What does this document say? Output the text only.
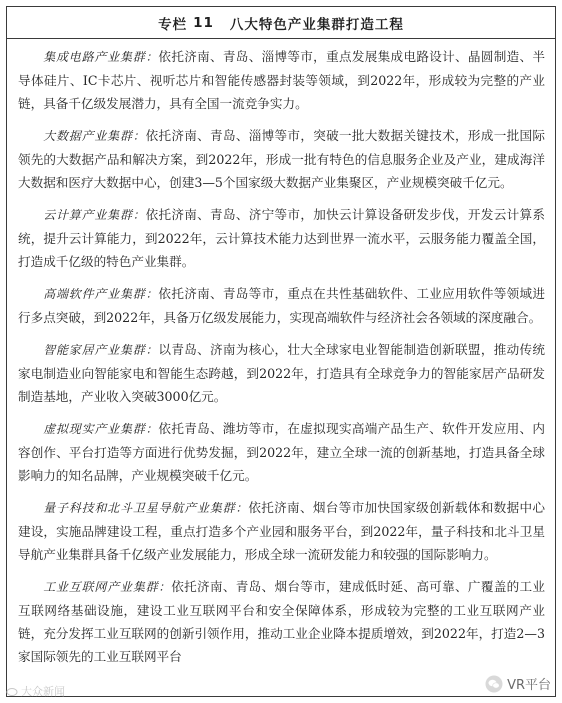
专栏 11 八大特色产业集群打造工程

集成电路产业集群：依托济南、青岛、淄博等市，重点发展集成电路设计、晶圆制造、半导体硅片、IC卡芯片、视听芯片和智能传感器封装等领域，到2022年，形成较为完整的产业链，具备千亿级发展潜力，具有全国一流竞争实力。

大数据产业集群：依托济南、青岛、淄博等市，突破一批大数据关键技术，形成一批国际领先的大数据产品和解决方案，到2022年，形成一批有特色的信息服务企业及产业，建成海洋大数据和医疗大数据中心，创建3—5个国家级大数据产业集聚区，产业规模突破千亿元。

云计算产业集群：依托济南、青岛、济宁等市，加快云计算设备研发步伐，开发云计算系统，提升云计算能力，到2022年，云计算技术能力达到世界一流水平，云服务能力覆盖全国，打造成千亿级的特色产业集群。

高端软件产业集群：依托济南、青岛等市，重点在共性基础软件、工业应用软件等领域进行多点突破，到2022年，具备万亿级发展能力，实现高端软件与经济社会各领域的深度融合。

智能家居产业集群：以青岛、济南为核心，壮大全球家电业智能制造创新联盟，推动传统家电制造业向智能家电和智能生态跨越，到2022年，打造具有全球竞争力的智能家居产品研发制造基地，产业收入突破3000亿元。

虚拟现实产业集群：依托青岛、潍坊等市，在虚拟现实高端产品生产、软件开发应用、内容创作、平台打造等方面进行优势发掘，到2022年，建立全球一流的创新基地，打造具备全球影响力的知名品牌，产业规模突破千亿元。

量子科技和北斗卫星导航产业集群：依托济南、烟台等市加快国家级创新载体和数据中心建设，实施品牌建设工程，重点打造多个产业园和服务平台，到2022年，量子科技和北斗卫星导航产业集群具备千亿级产业发展能力，形成全球一流研发能力和较强的国际影响力。

工业互联网产业集群：依托济南、青岛、烟台等市，建成低时延、高可靠、广覆盖的工业互联网络基础设施，建设工业互联网平台和安全保障体系，形成较为完整的工业互联网产业链，充分发挥工业互联网的创新引领作用，推动工业企业降本提质增效，到2022年，打造2—3家国际领先的工业互联网平台

大众新闻	VR平台
